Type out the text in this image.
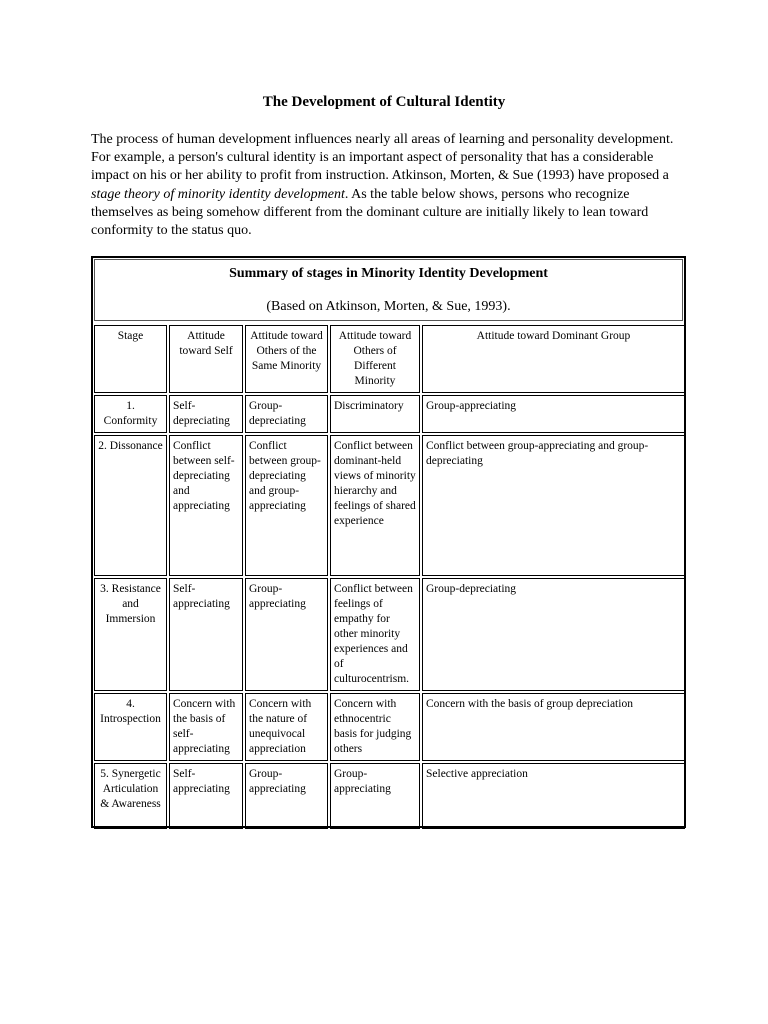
The Development of Cultural Identity

The process of human development influences nearly all areas of learning and personality development. For example, a person's cultural identity is an important aspect of personality that has a considerable impact on his or her ability to profit from instruction. Atkinson, Morten, & Sue (1993) have proposed a stage theory of minority identity development. As the table below shows, persons who recognize themselves as being somehow different from the dominant culture are initially likely to lean toward conformity to the status quo.

Summary of stages in Minority Identity Development
(Based on Atkinson, Morten, & Sue, 1993).
Stage	Attitude toward Self	Attitude toward Others of the Same Minority	Attitude toward Others of Different Minority	Attitude toward Dominant Group
1. Conformity	Self-depreciating	Group-depreciating	Discriminatory	Group-appreciating
2. Dissonance	Conflict between self-depreciating and appreciating	Conflict between group-depreciating and group-appreciating	Conflict between dominant-held views of minority hierarchy and feelings of shared experience	Conflict between group-appreciating and group-depreciating
3. Resistance and Immersion	Self-appreciating	Group-appreciating	Conflict between feelings of empathy for other minority experiences and of culturocentrism.	Group-depreciating
4. Introspection	Concern with the basis of self-appreciating	Concern with the nature of unequivocal appreciation	Concern with ethnocentric basis for judging others	Concern with the basis of group depreciation
5. Synergetic Articulation & Awareness	Self-appreciating	Group-appreciating	Group-appreciating	Selective appreciation
